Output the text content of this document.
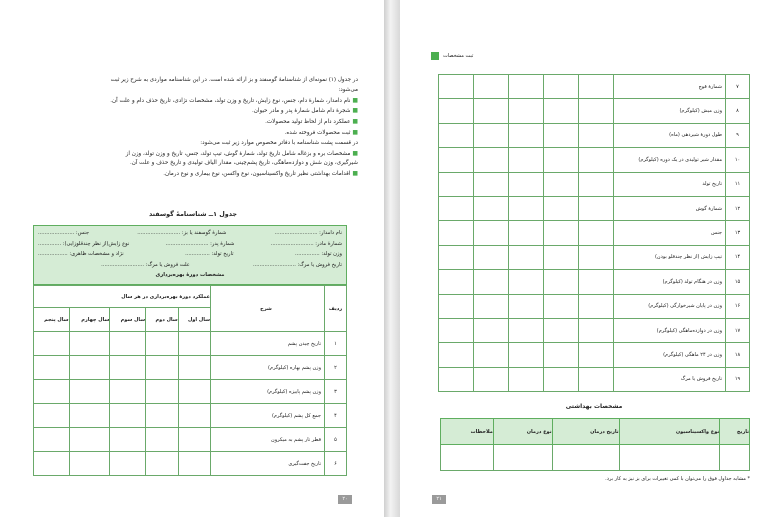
در جدول (۱) نمونه‌ای از شناسنامهٔ گوسفند و بز ارائه شده است. در این شناسنامه مواردی به شرح زیر ثبت
می‌شود:
■ نام دامدار، شمارهٔ دام، جنس، نوع زایش، تاریخ و وزن تولد، مشخصات نژادی، تاریخ حذف دام و علت آن.
■ شجرهٔ دام شامل شمارهٔ پدر و مادر حیوان.
■ عملکرد دام از لحاظ تولید محصولات.
■ ثبت محصولات فروخته شده.
در قسمت پشت شناسنامه با دفاتر مخصوص موارد زیر ثبت می‌شود:
■ مشخصات بره و بزغاله شامل تاریخ تولد، شمارهٔ گوش، تیپ تولد، جنس، تاریخ و وزن تولد، وزن از
شیرگیری، وزن شش و دوازده‌ماهگی، تاریخ پشم‌چینی، مقدار الیاف تولیدی و تاریخ حذف و علت آن.
■ اقدامات بهداشتی نظیر تاریخ واکسیناسیون، نوع واکسن، نوع بیماری و نوع درمان.
جدول ۱ــ شناسنامهٔ گوسفند
نام دامدار: ..........................
شمارهٔ گوسفند یا بز: ..........................
جنس: ......................
شمارهٔ مادر: ..........................
شمارهٔ پدر: ..........................
نوع زایش(از نظر چندقلوزایی): ..............
وزن تولد: ...............
تاریخ تولد: ...............
نژاد و مشخصات ظاهری: ..................
تاریخ فروش یا مرگ: ..........................
علت فروش یا مرگ: ..........................
مشخصات دورهٔ بهره‌برداری
ردیف	شرح	عملکرد دورهٔ بهره‌برداری در هر سال				
		سال اول	سال دوم	سال سوم	سال چهارم	سال پنجم
۱	تاریخ چیدن پشم					
۲	وزن پشم بهاره (کیلوگرم)					
۳	وزن پشم پاییزه (کیلوگرم)					
۴	جمع کل پشم (کیلوگرم)					
۵	قطر تار پشم به میکرون					
۶	تاریخ جفت‌گیری					
۲۰
ثبت مشخصات
۷	شمارهٔ قوچ					
۸	وزن میش (کیلوگرم)					
۹	طول دورهٔ شیردهی (ماه)					
۱۰	مقدار شیر تولیدی در یک دوره (کیلوگرم)					
۱۱	تاریخ تولد					
۱۲	شمارهٔ گوش					
۱۳	جنس					
۱۴	تیپ زایش (از نظر چندقلو بودن)					
۱۵	وزن در هنگام تولد (کیلوگرم)					
۱۶	وزن در پایان شیرخوارگی (کیلوگرم)					
۱۷	وزن در دوازده‌ماهگی (کیلوگرم)					
۱۸	وزن در ۲۴ ماهگی (کیلوگرم)					
۱۹	تاریخ فروش یا مرگ					
مشخصات بهداشتی
تاریخ	نوع واکسیناسیون	تاریخ درمان	نوع درمان	ملاحظات

* مشابه جداول فوق را می‌توان با کمی تغییرات برای بز نیز به کار برد.
۲۱
